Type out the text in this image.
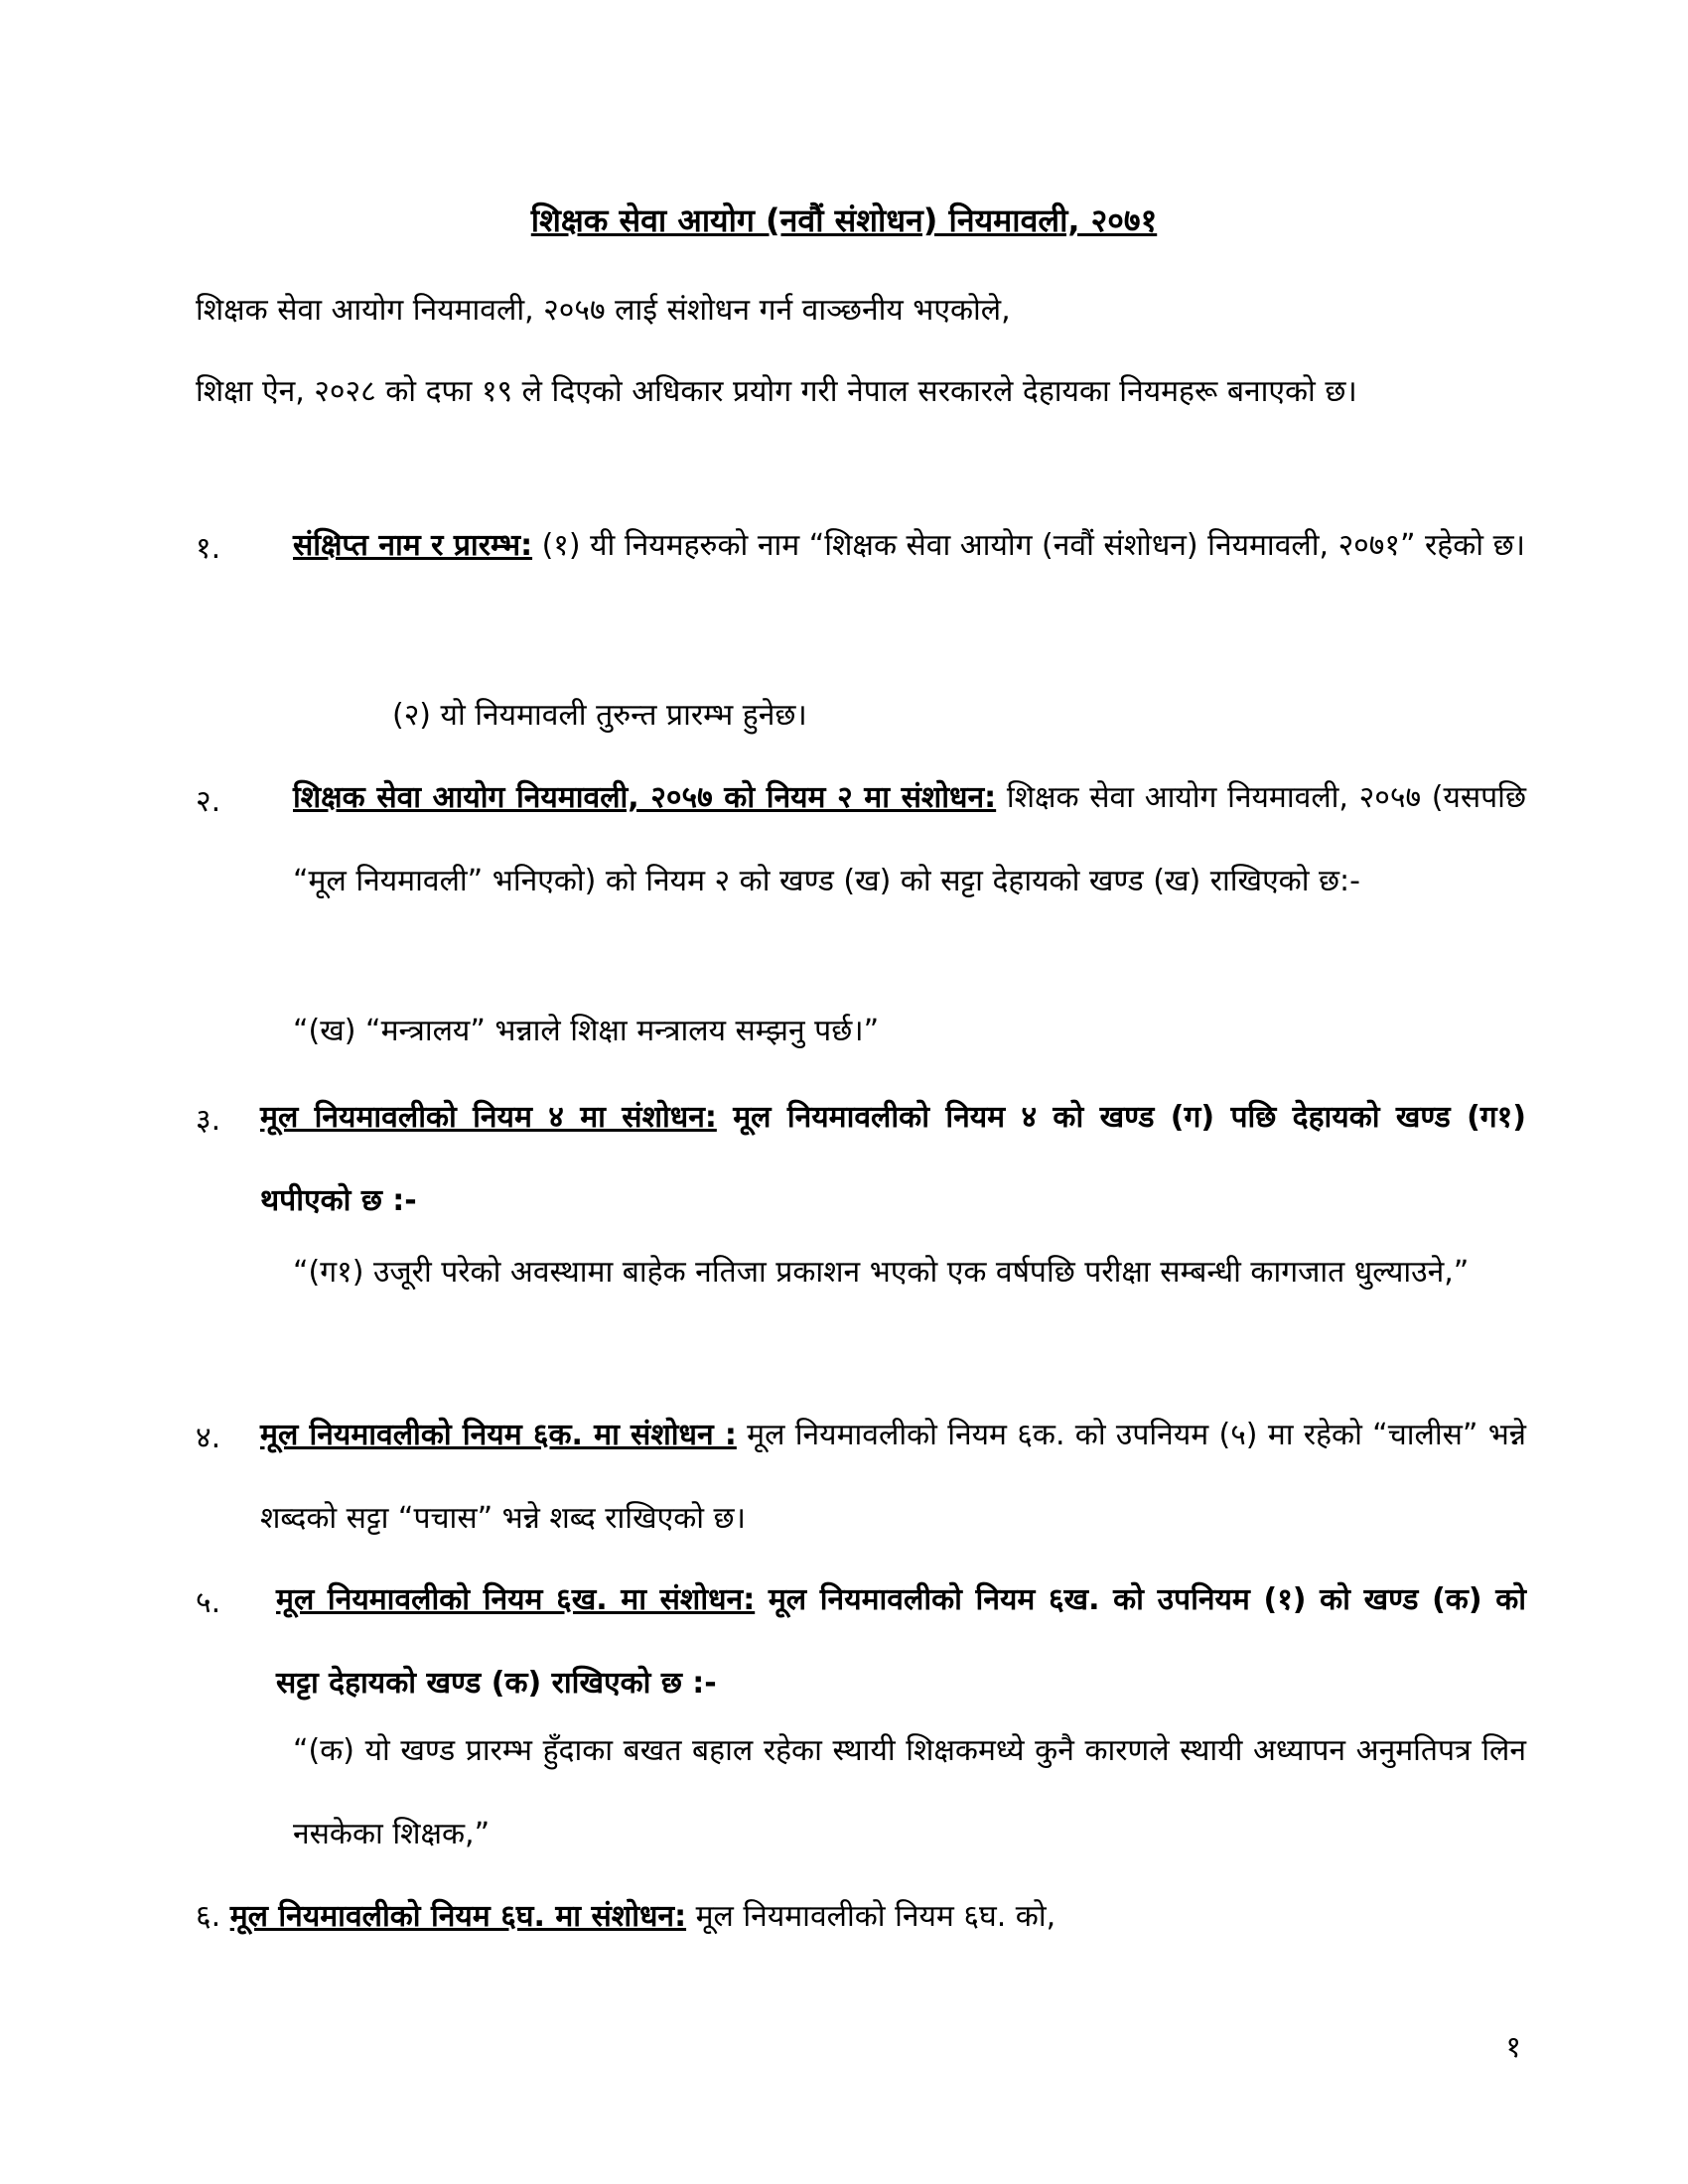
शिक्षक सेवा आयोग (नवौं संशोधन) नियमावली, २०७१
शिक्षक सेवा आयोग नियमावली, २०५७ लाई संशोधन गर्न वाञ्छनीय भएकोले,
शिक्षा ऐन, २०२८ को दफा १९ ले दिएको अधिकार प्रयोग गरी नेपाल सरकारले देहायका नियमहरू बनाएको छ।
१. संक्षिप्त नाम र प्रारम्भ: (१) यी नियमहरुको नाम “शिक्षक सेवा आयोग (नवौं संशोधन) नियमावली, २०७१” रहेको छ।
(२) यो नियमावली तुरुन्त प्रारम्भ हुनेछ।
२. शिक्षक सेवा आयोग नियमावली, २०५७ को नियम २ मा संशोधन: शिक्षक सेवा आयोग नियमावली, २०५७ (यसपछि “मूल नियमावली” भनिएको) को नियम २ को खण्ड (ख) को सट्टा देहायको खण्ड (ख) राखिएको छ:-
“(ख) “मन्त्रालय” भन्नाले शिक्षा मन्त्रालय सम्झनु पर्छ।”
३. मूल नियमावलीको नियम ४ मा संशोधन: मूल नियमावलीको नियम ४ को खण्ड (ग) पछि देहायको खण्ड (ग१) थपीएको छ :-
“(ग१) उजूरी परेको अवस्थामा बाहेक नतिजा प्रकाशन भएको एक वर्षपछि परीक्षा सम्बन्धी कागजात धुल्याउने,”
४. मूल नियमावलीको नियम ६क. मा संशोधन : मूल नियमावलीको नियम ६क. को उपनियम (५) मा रहेको “चालीस” भन्ने शब्दको सट्टा “पचास” भन्ने शब्द राखिएको छ।
५. मूल नियमावलीको नियम ६ख. मा संशोधन: मूल नियमावलीको नियम ६ख. को उपनियम (१) को खण्ड (क) को सट्टा देहायको खण्ड (क) राखिएको छ :-
“(क) यो खण्ड प्रारम्भ हुँदाका बखत बहाल रहेका स्थायी शिक्षकमध्ये कुनै कारणले स्थायी अध्यापन अनुमतिपत्र लिन नसकेका शिक्षक,”
६. मूल नियमावलीको नियम ६घ. मा संशोधन: मूल नियमावलीको नियम ६घ. को,
१
